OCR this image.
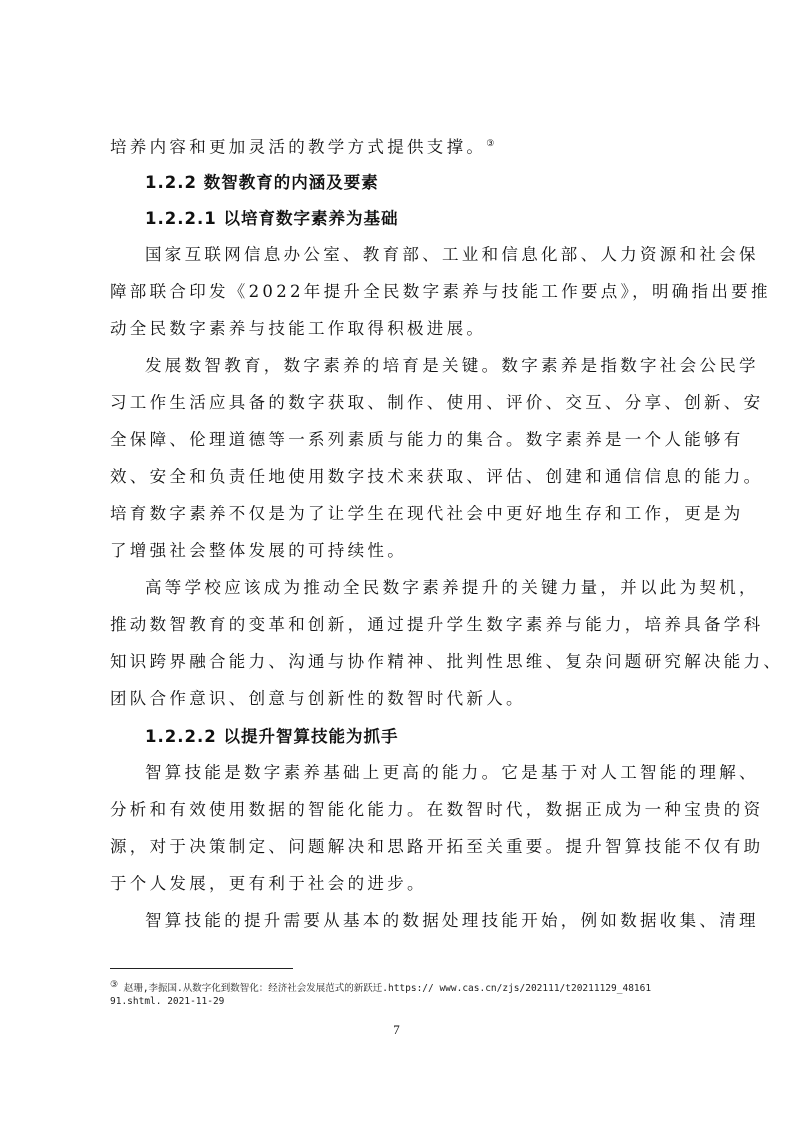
培养内容和更加灵活的教学方式提供支撑。③
1.2.2 数智教育的内涵及要素
1.2.2.1 以培育数字素养为基础
国家互联网信息办公室、教育部、工业和信息化部、人力资源和社会保
障部联合印发《2022年提升全民数字素养与技能工作要点》，明确指出要推
动全民数字素养与技能工作取得积极进展。
发展数智教育，数字素养的培育是关键。数字素养是指数字社会公民学
习工作生活应具备的数字获取、制作、使用、评价、交互、分享、创新、安
全保障、伦理道德等一系列素质与能力的集合。数字素养是一个人能够有
效、安全和负责任地使用数字技术来获取、评估、创建和通信信息的能力。
培育数字素养不仅是为了让学生在现代社会中更好地生存和工作，更是为
了增强社会整体发展的可持续性。
高等学校应该成为推动全民数字素养提升的关键力量，并以此为契机，
推动数智教育的变革和创新，通过提升学生数字素养与能力，培养具备学科
知识跨界融合能力、沟通与协作精神、批判性思维、复杂问题研究解决能力、
团队合作意识、创意与创新性的数智时代新人。
1.2.2.2 以提升智算技能为抓手
智算技能是数字素养基础上更高的能力。它是基于对人工智能的理解、
分析和有效使用数据的智能化能力。在数智时代，数据正成为一种宝贵的资
源，对于决策制定、问题解决和思路开拓至关重要。提升智算技能不仅有助
于个人发展，更有利于社会的进步。
智算技能的提升需要从基本的数据处理技能开始，例如数据收集、清理
③ 赵珊,李振国.从数字化到数智化：经济社会发展范式的新跃迁.https:// www.cas.cn/zjs/202111/t20211129_48161
91.shtml. 2021-11-29
7
